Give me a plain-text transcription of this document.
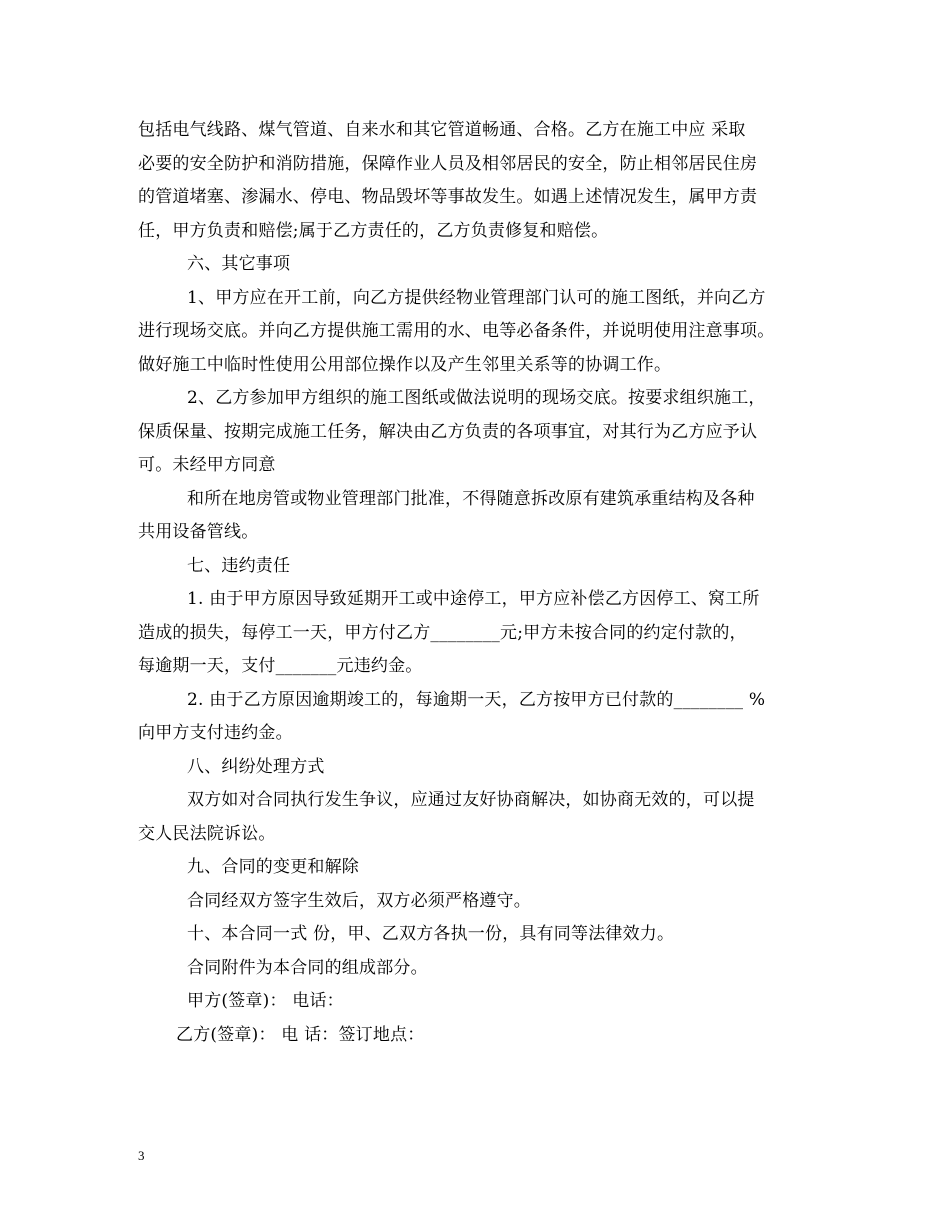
包括电气线路、煤气管道、自来水和其它管道畅通、合格。乙方在施工中应 采取
必要的安全防护和消防措施，保障作业人员及相邻居民的安全，防止相邻居民住房
的管道堵塞、渗漏水、停电、物品毁坏等事故发生。如遇上述情况发生，属甲方责
任，甲方负责和赔偿;属于乙方责任的，乙方负责修复和赔偿。
六、其它事项
1、甲方应在开工前，向乙方提供经物业管理部门认可的施工图纸，并向乙方
进行现场交底。并向乙方提供施工需用的水、电等必备条件，并说明使用注意事项。
做好施工中临时性使用公用部位操作以及产生邻里关系等的协调工作。
2、乙方参加甲方组织的施工图纸或做法说明的现场交底。按要求组织施工，
保质保量、按期完成施工任务，解决由乙方负责的各项事宜，对其行为乙方应予认
可。未经甲方同意
和所在地房管或物业管理部门批准，不得随意拆改原有建筑承重结构及各种
共用设备管线。
七、违约责任
1. 由于甲方原因导致延期开工或中途停工，甲方应补偿乙方因停工、窝工所
造成的损失，每停工一天，甲方付乙方________元;甲方未按合同的约定付款的，
每逾期一天，支付_______元违约金。
2. 由于乙方原因逾期竣工的，每逾期一天，乙方按甲方已付款的________ %
向甲方支付违约金。
八、纠纷处理方式
双方如对合同执行发生争议，应通过友好协商解决，如协商无效的，可以提
交人民法院诉讼。
九、合同的变更和解除
合同经双方签字生效后，双方必须严格遵守。
十、本合同一式 份，甲、乙双方各执一份，具有同等法律效力。
合同附件为本合同的组成部分。
甲方(签章)： 电话：
乙方(签章)： 电 话：签订地点：
3
